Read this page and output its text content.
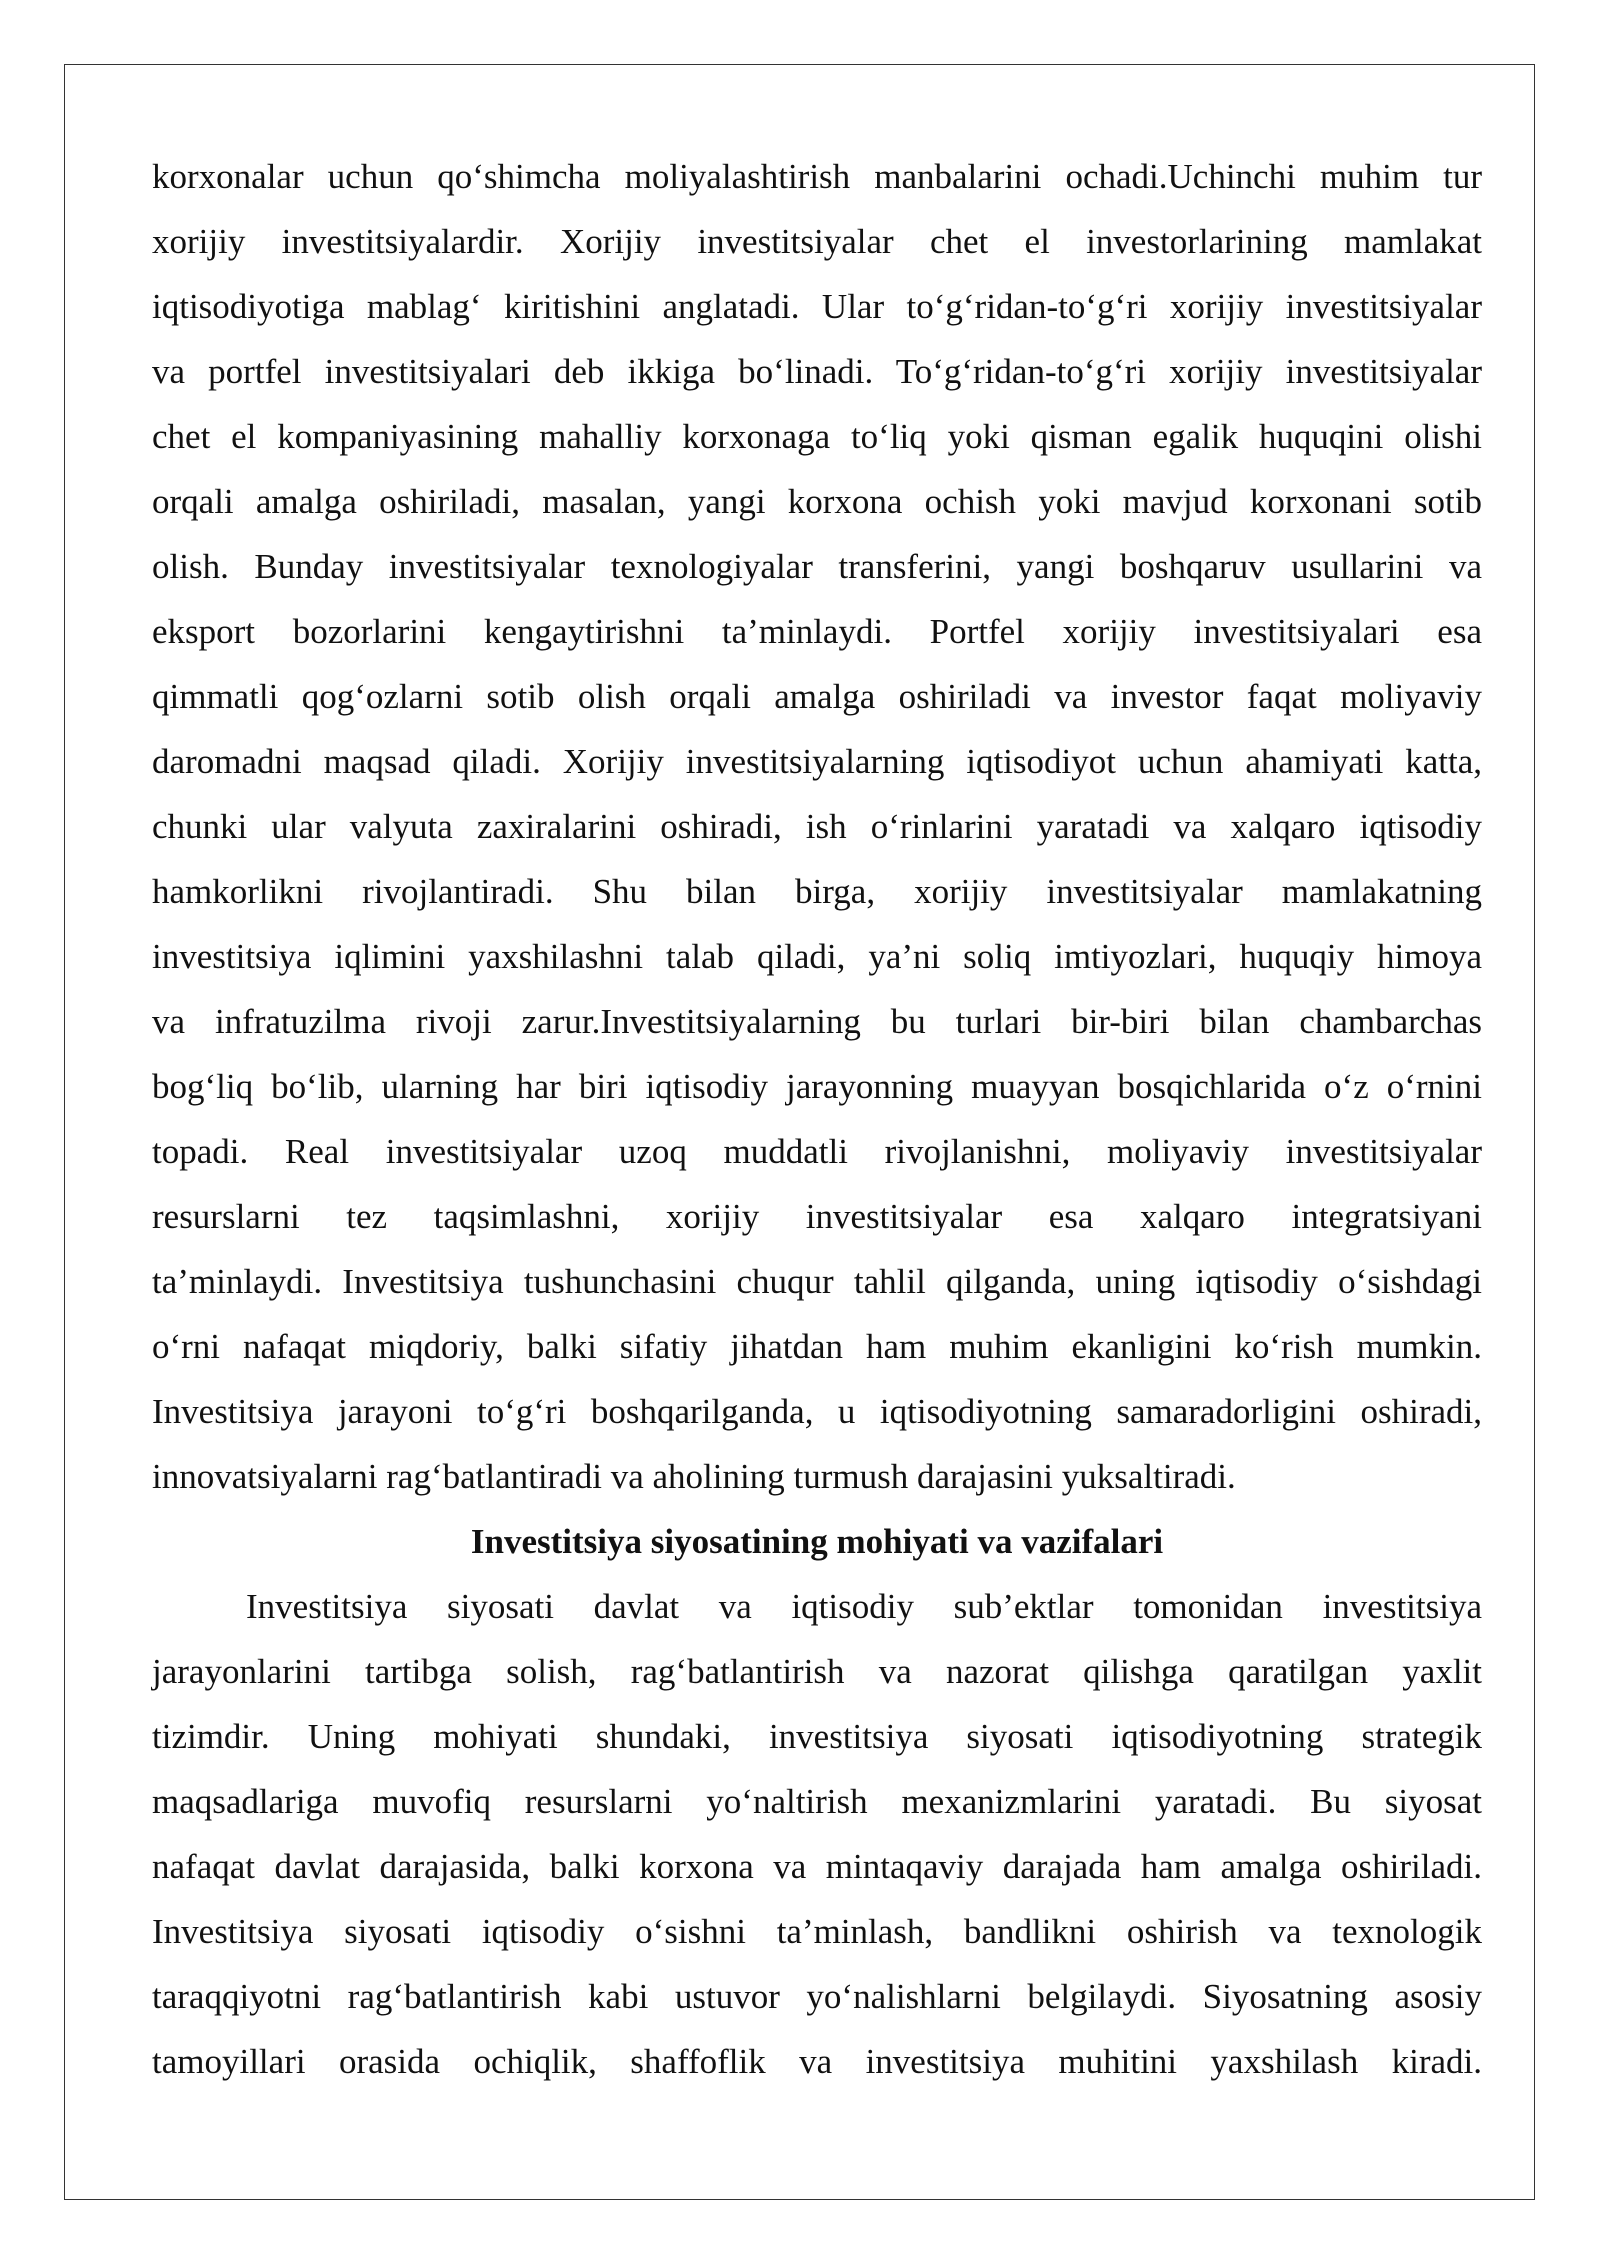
korxonalar uchun qo‘shimcha moliyalashtirish manbalarini ochadi.Uchinchi muhim tur
xorijiy investitsiyalardir. Xorijiy investitsiyalar chet el investorlarining mamlakat
iqtisodiyotiga mablag‘ kiritishini anglatadi. Ular to‘g‘ridan-to‘g‘ri xorijiy investitsiyalar
va portfel investitsiyalari deb ikkiga bo‘linadi. To‘g‘ridan-to‘g‘ri xorijiy investitsiyalar
chet el kompaniyasining mahalliy korxonaga to‘liq yoki qisman egalik huquqini olishi
orqali amalga oshiriladi, masalan, yangi korxona ochish yoki mavjud korxonani sotib
olish. Bunday investitsiyalar texnologiyalar transferini, yangi boshqaruv usullarini va
eksport bozorlarini kengaytirishni ta’minlaydi. Portfel xorijiy investitsiyalari esa
qimmatli qog‘ozlarni sotib olish orqali amalga oshiriladi va investor faqat moliyaviy
daromadni maqsad qiladi. Xorijiy investitsiyalarning iqtisodiyot uchun ahamiyati katta,
chunki ular valyuta zaxiralarini oshiradi, ish o‘rinlarini yaratadi va xalqaro iqtisodiy
hamkorlikni rivojlantiradi. Shu bilan birga, xorijiy investitsiyalar mamlakatning
investitsiya iqlimini yaxshilashni talab qiladi, ya’ni soliq imtiyozlari, huquqiy himoya
va infratuzilma rivoji zarur.Investitsiyalarning bu turlari bir-biri bilan chambarchas
bog‘liq bo‘lib, ularning har biri iqtisodiy jarayonning muayyan bosqichlarida o‘z o‘rnini
topadi. Real investitsiyalar uzoq muddatli rivojlanishni, moliyaviy investitsiyalar
resurslarni tez taqsimlashni, xorijiy investitsiyalar esa xalqaro integratsiyani
ta’minlaydi. Investitsiya tushunchasini chuqur tahlil qilganda, uning iqtisodiy o‘sishdagi
o‘rni nafaqat miqdoriy, balki sifatiy jihatdan ham muhim ekanligini ko‘rish mumkin.
Investitsiya jarayoni to‘g‘ri boshqarilganda, u iqtisodiyotning samaradorligini oshiradi,
innovatsiyalarni rag‘batlantiradi va aholining turmush darajasini yuksaltiradi.
Investitsiya siyosatining mohiyati va vazifalari
Investitsiya siyosati davlat va iqtisodiy sub’ektlar tomonidan investitsiya
jarayonlarini tartibga solish, rag‘batlantirish va nazorat qilishga qaratilgan yaxlit
tizimdir. Uning mohiyati shundaki, investitsiya siyosati iqtisodiyotning strategik
maqsadlariga muvofiq resurslarni yo‘naltirish mexanizmlarini yaratadi. Bu siyosat
nafaqat davlat darajasida, balki korxona va mintaqaviy darajada ham amalga oshiriladi.
Investitsiya siyosati iqtisodiy o‘sishni ta’minlash, bandlikni oshirish va texnologik
taraqqiyotni rag‘batlantirish kabi ustuvor yo‘nalishlarni belgilaydi. Siyosatning asosiy
tamoyillari orasida ochiqlik, shaffoflik va investitsiya muhitini yaxshilash kiradi.
